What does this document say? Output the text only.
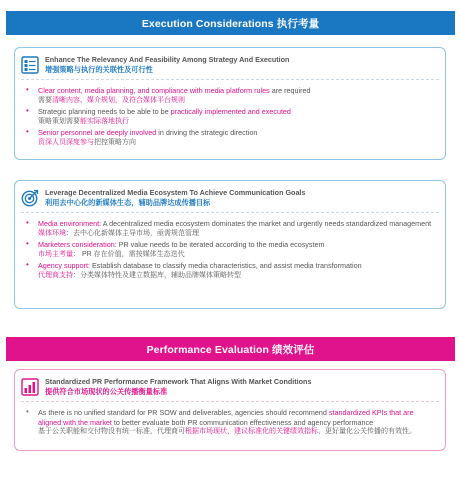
Execution Considerations 执行考量
Enhance The Relevancy And Feasibility Among Strategy And Execution
增强策略与执行的关联性及可行性
• Clear content, media planning, and compliance with media platform rules are required
需要清晰内容、媒介规划，及符合媒体平台规则
• Strategic planning needs to be able to be practically implemented and executed
策略策划需要能实际落地执行
• Senior personnel are deeply involved in driving the strategic direction
资深人员深度参与把控策略方向
Leverage Decentralized Media Ecosystem To Achieve Communication Goals
利用去中心化的新媒体生态，辅助品牌达成传播目标
• Media environment: A decentralized media ecosystem dominates the market and urgently needs standardized management
媒体环境：去中心化新媒体主导市场，亟需规范管理
• Marketers consideration: PR value needs to be iterated according to the media ecosystem
市场主考量： PR 存在价值，需按媒体生态迭代
• Agency support: Establish database to classify media characteristics, and assist media transformation
代理商支持：分类媒体特性及建立数据库，辅助品牌媒体策略转型
Performance Evaluation 绩效评估
Standardized PR Performance Framework That Aligns With Market Conditions
提供符合市场现状的公关传播衡量标准
• As there is no unified standard for PR SOW and deliverables, agencies should recommend standardized KPIs that are aligned with the market to better evaluate both PR communication effectiveness and agency performance
基于公关职能和交付物没有统一标准，代理商可根据市场现状，建议标准化的关键绩效指标，更好量化公关传播的有效性。
